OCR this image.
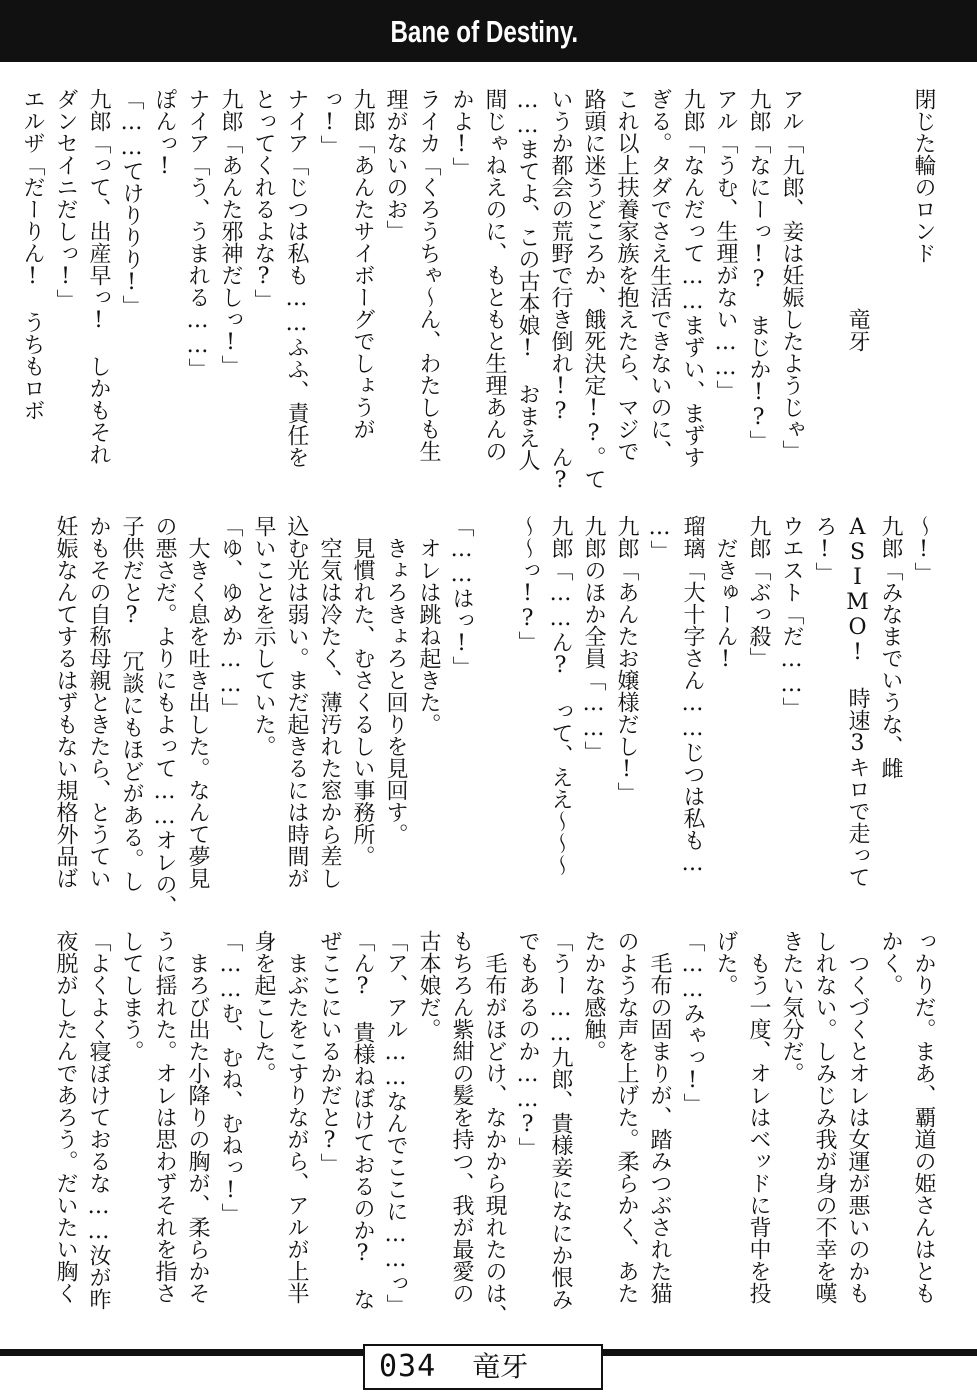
Bane of Destiny.
閉じた輪のロンド
　　　　　　　　　　竜牙
アル「九郎、妾は妊娠したようじゃ」
九郎「なにーっ!?　まじか!?」
アル「うむ、生理がない……」
九郎「なんだって……まずい、まずす
ぎる。タダでさえ生活できないのに、
これ以上扶養家族を抱えたら、マジで
路頭に迷うどころか、餓死決定!?。て
いうか都会の荒野で行き倒れ!?　ん?
……まてよ、この古本娘!　おまえ人
間じゃねえのに、もともと生理あんの
かよ!」
ライカ「くろうちゃ〜ん、わたしも生
理がないのお」
九郎「あんたサイボーグでしょうが
っ!」
ナイア「じつは私も……ふふ、責任を
とってくれるよな?」
九郎「あんた邪神だしっ!」
ナイア「う、うまれる……」
ぽんっ!
「……てけりりり!」
九郎「って、出産早っ!　しかもそれ
ダンセイニだしっ!」
エルザ「だーりん!　うちもロボ
〜!」
九郎「みなまでいうな、雌
ASIMO!　時速3キロで走って
ろ!」
ウエスト「だ……」
九郎「ぶっ殺」
　だきゅーん!
瑠璃「大十字さん……じつは私も…
…」
九郎「あんたお嬢様だし!」
九郎のほか全員「……」
九郎「……ん?　って、ええ〜〜〜
〜〜っ!?」
「……はっ!」
　オレは跳ね起きた。
　きょろきょろと回りを見回す。
　見慣れた、むさくるしい事務所。
　空気は冷たく、薄汚れた窓から差し
込む光は弱い。まだ起きるには時間が
早いことを示していた。
「ゆ、ゆめか……」
　大きく息を吐き出した。なんて夢見
の悪さだ。よりにもよって……オレの、
子供だと?　冗談にもほどがある。し
かもその自称母親ときたら、とうてい
妊娠なんてするはずもない規格外品ば
っかりだ。まあ、覇道の姫さんはとも
かく。
　つくづくとオレは女運が悪いのかも
しれない。しみじみ我が身の不幸を嘆
きたい気分だ。
　もう一度、オレはベッドに背中を投
げた。
「……みゃっ!」
　毛布の固まりが、踏みつぶされた猫
のような声を上げた。柔らかく、あた
たかな感触。
「うー……九郎、貴様妾になにか恨み
でもあるのか……?」
　毛布がほどけ、なかから現れたのは、
もちろん紫紺の髪を持つ、我が最愛の
古本娘だ。
「ア、アル……なんでここに……っ」
「ん?　貴様ねぼけておるのか?　な
ぜここにいるかだと?」
　まぶたをこすりながら、アルが上半
身を起こした。
「……む、むね、むねっ!」
　まろび出た小降りの胸が、柔らかそ
うに揺れた。オレは思わずそれを指さ
してしまう。
「よくよく寝ぼけておるな……汝が昨
夜脱がしたんであろう。だいたい胸く
034 竜牙
